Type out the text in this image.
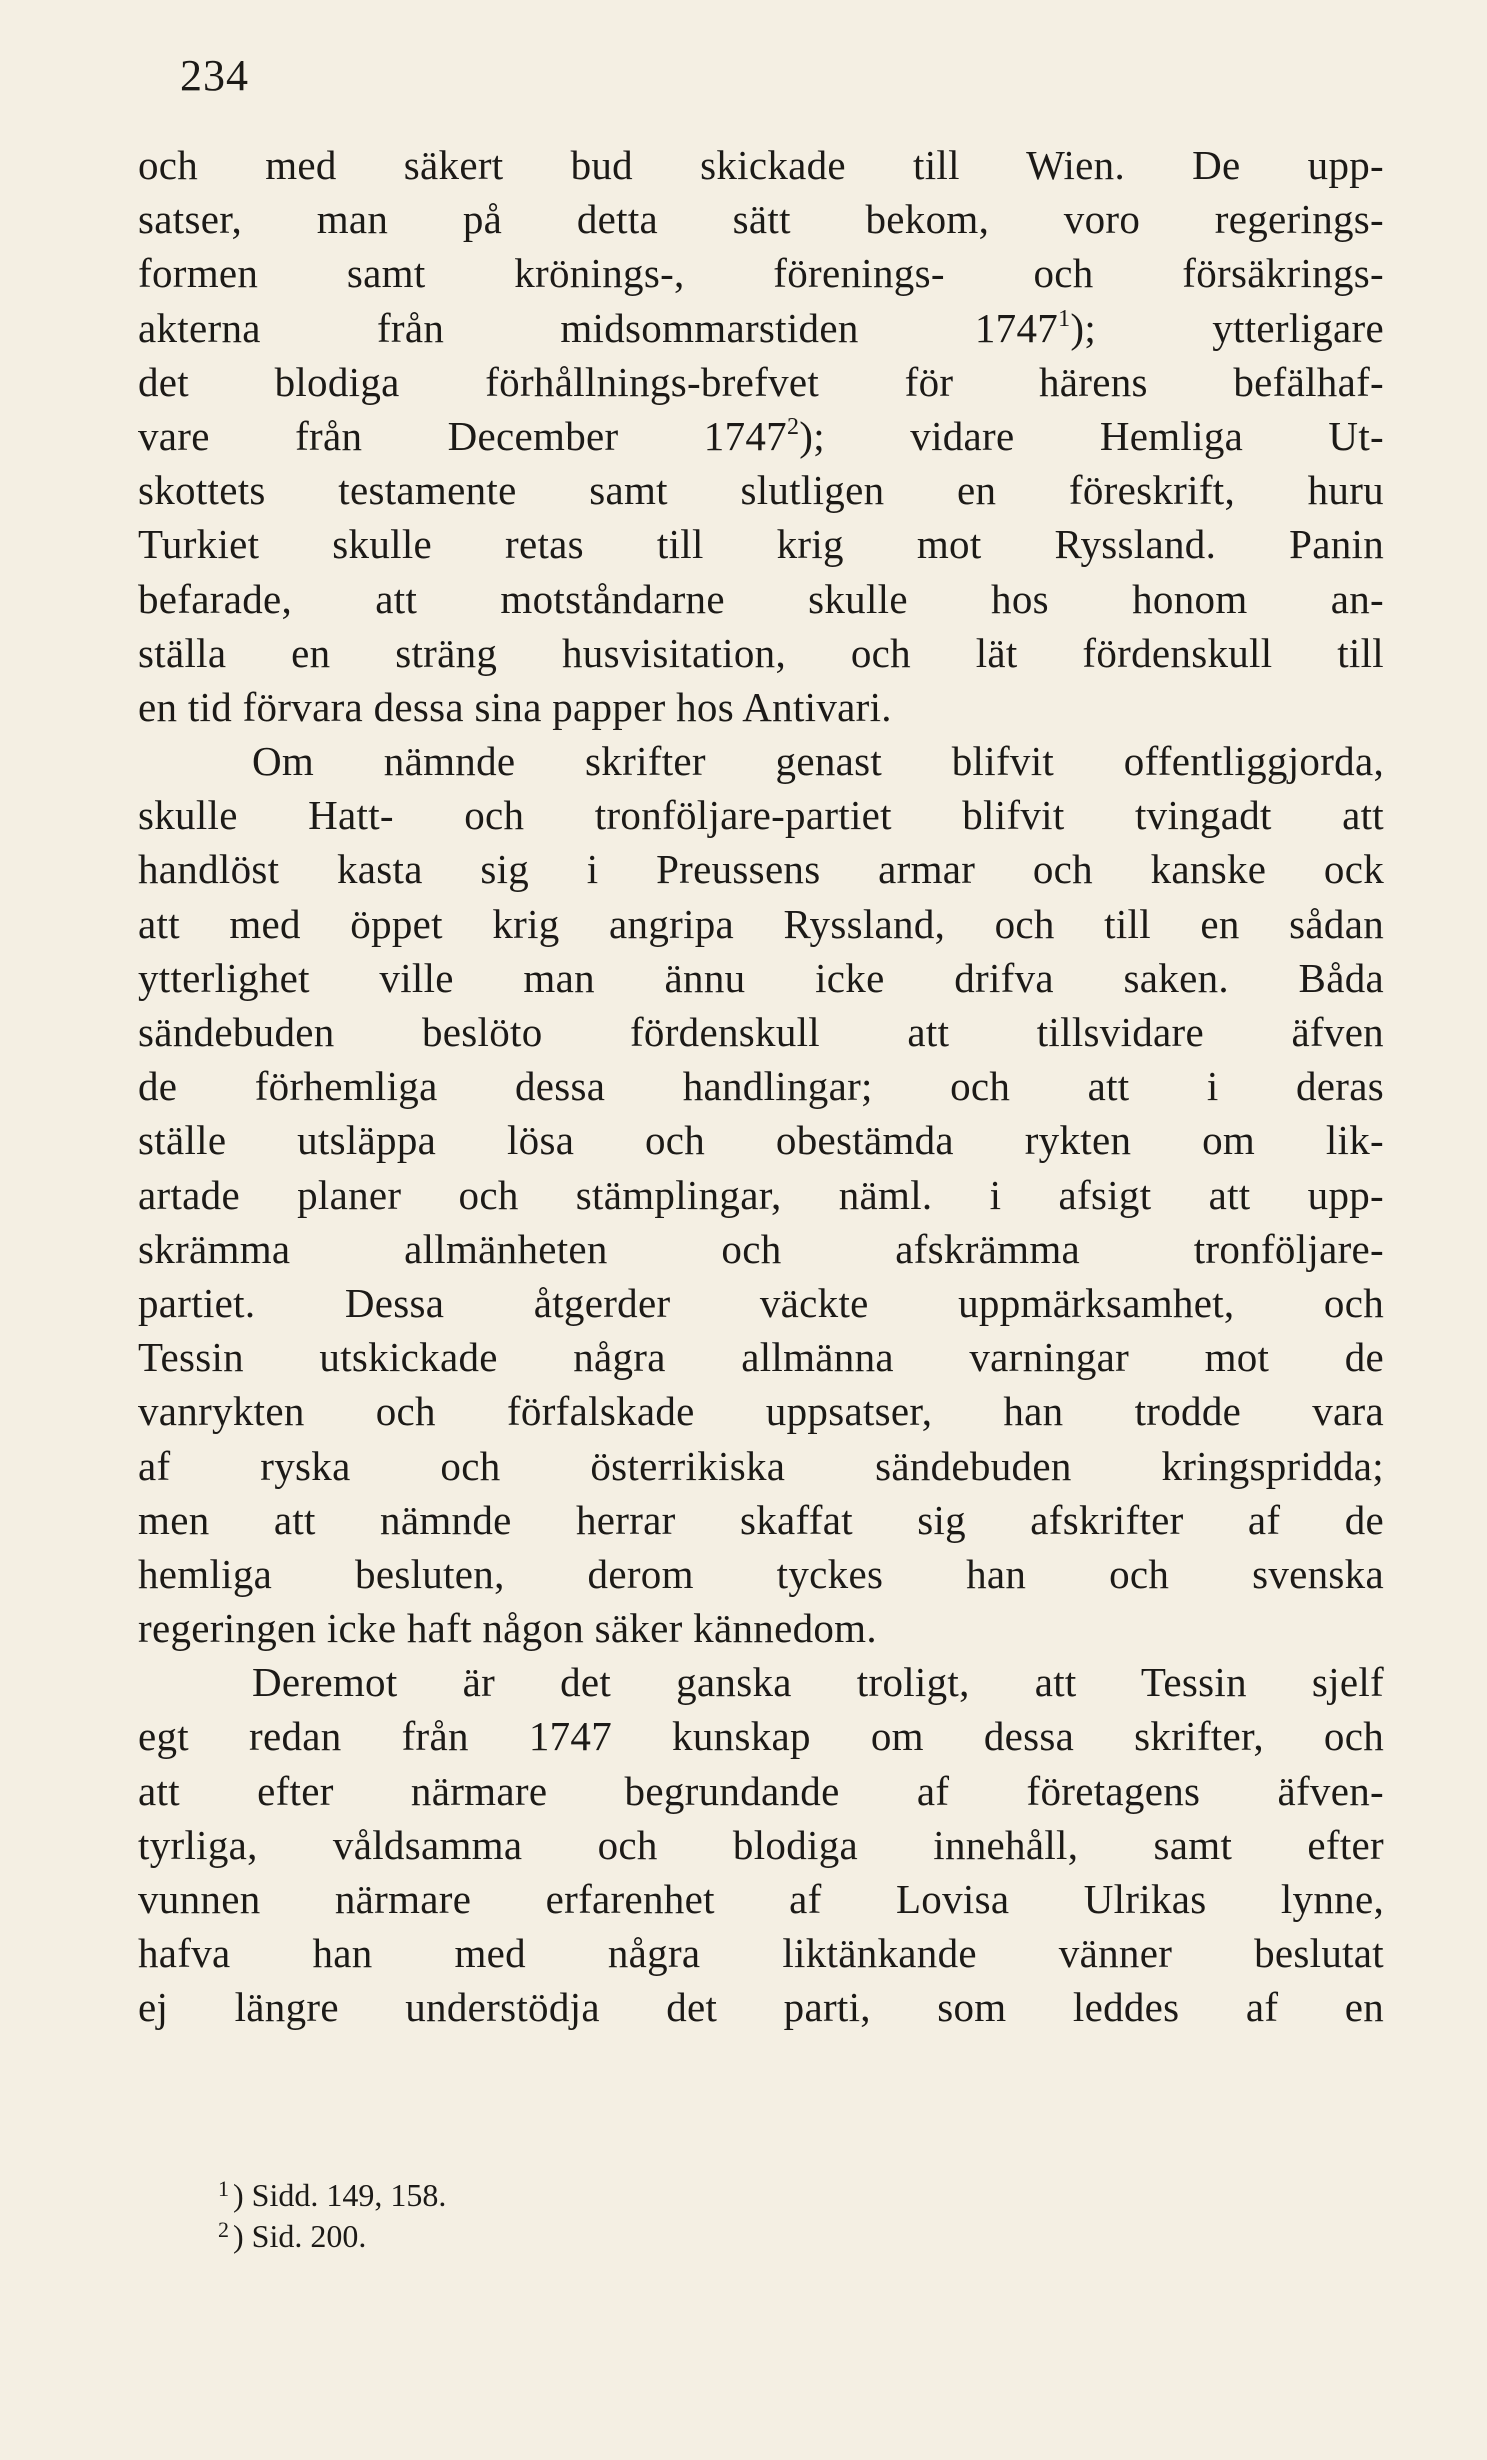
234
och med säkert bud skickade till Wien. De upp-
satser, man på detta sätt bekom, voro regerings-
formen samt krönings-, förenings- och försäkrings-
akterna från midsommarstiden 1747$^1$); ytterligare
det blodiga förhållnings-brefvet för härens befälhaf-
vare från December 1747$^2$); vidare Hemliga Ut-
skottets testamente samt slutligen en föreskrift, huru
Turkiet skulle retas till krig mot Ryssland. Panin
befarade, att motståndarne skulle hos honom an-
ställa en sträng husvisitation, och lät fördenskull till
en tid förvara dessa sina papper hos Antivari.
Om nämnde skrifter genast blifvit offentliggjorda,
skulle Hatt- och tronföljare-partiet blifvit tvingadt att
handlöst kasta sig i Preussens armar och kanske ock
att med öppet krig angripa Ryssland, och till en sådan
ytterlighet ville man ännu icke drifva saken. Båda
sändebuden beslöto fördenskull att tillsvidare äfven
de förhemliga dessa handlingar; och att i deras
ställe utsläppa lösa och obestämda rykten om lik-
artade planer och stämplingar, näml. i afsigt att upp-
skrämma allmänheten och afskrämma tronföljare-
partiet. Dessa åtgerder väckte uppmärksamhet, och
Tessin utskickade några allmänna varningar mot de
vanrykten och förfalskade uppsatser, han trodde vara
af ryska och österrikiska sändebuden kringspridda;
men att nämnde herrar skaffat sig afskrifter af de
hemliga besluten, derom tyckes han och svenska
regeringen icke haft någon säker kännedom.
Deremot är det ganska troligt, att Tessin sjelf
egt redan från 1747 kunskap om dessa skrifter, och
att efter närmare begrundande af företagens äfven-
tyrliga, våldsamma och blodiga innehåll, samt efter
vunnen närmare erfarenhet af Lovisa Ulrikas lynne,
hafva han med några liktänkande vänner beslutat
ej längre understödja det parti, som leddes af en
$^1$ ) Sidd. 149, 158.
$^2$ ) Sid. 200.
